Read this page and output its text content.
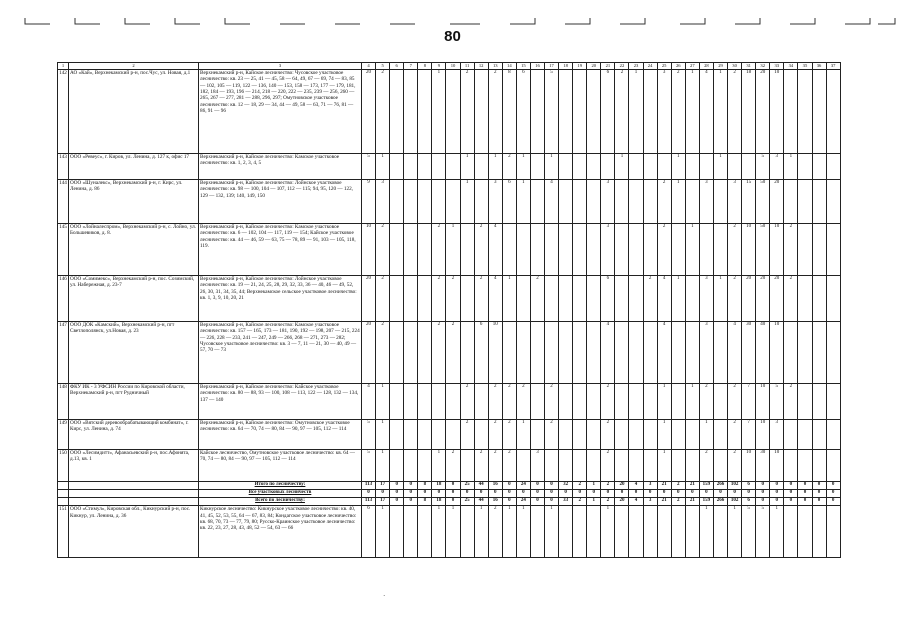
80
1	2	3	4	5	6	7	8	9	10	11	12	13	14	15	16	17	18	19	20	21	22	23	24	25	26	27	28	29	30	31	32	33	34	35	36	37	
142	АО «Кай», Верхнекамский р-н, пос.Чус, ул. Новая, д.1	Верхнекамский р-н, Кайское лесничество: Чусовское участковое лесничество: кв. 23 — 25, 41 — 45, 58 — 64, 49, 67 — 69, 74 — 83, 85 — 102, 105 — 119, 122 — 136, 140 — 153, 158 — 173, 177 — 179, 181, 182, 184 — 193, 196 — 214, 218 — 220, 222 — 235, 239 — 256, 260 — 265, 267 — 277, 281 — 288, 296, 297; Омутновское участковое лесничество: кв. 12 — 18, 29 — 34, 44 — 49, 58 — 63, 71 — 76, 81 — 86, 91 — 96	20	2				1		2		2	8	6		5				6	2	1		3	2	1	4	1	2	18	20	10						
143	ООО «Ревеус», г. Киров, ул. Ленина, д. 127 к, офис 17	Верхнекамский р-н, Кайское лесничество: Камское участковое лесничество: кв. 1, 2, 3, 4, 5	5	1						1		1	2	1		1					1				1			1			5	3	1					
144	ООО «Шуналекс», Верхнекамский р-н, г. Кирс, ул. Ленина, д. 86	Верхнекамский р-н, Кайское лесничество: Лойнское участковое лесничество: кв. 98 — 100, 104 — 107, 112 — 115; 94, 95, 120 — 122, 129 — 132, 139; 140, 149, 150	9	3						1		3	6	1		4				3				2	1		3		3	15	50	20						
145	ООО «Лойналеспром», Верхнекамский р-н, с. Лойно, ул. Большевиков, д. 8.	Верхнекамский р-н, Кайское лесничество: Камское участковое лесничество: кв. 6 — 102, 104 — 117, 119 — 154; Кайское участковое лесничество: кв. 44 — 46, 59 — 63, 75 — 78, 89 — 91, 103 — 105, 118, 119.	10	2				2	1		2	4								3				2		1			2	10	50	10	2					
146	ООО «Сомимекс», Верхнекамский р-н, пос. Созимский, ул. Набережная, д. 23-7	Верхнекамский р-н, Кайское лесничество: Лойнское участковое лесничество: кв. 19 — 21, 24, 25, 28, 29, 32, 33, 36 — 40, 46 — 49, 52, 26, 30, 31, 34, 35, 44; Верхнекамское сельское участковое лесничество: кв. 1, 3, 9, 10, 20, 21	20	2				2	2		2	4	1		2					6			2	4	1		3	1	2	20	20	20	2					
147	ООО ДОК «Камский», Верхнекамский р-н, пгт Светлополянск, ул.Новая, д. 23	Верхнекамский р-н, Кайское лесничество: Камское участковое лесничество: кв. 157 — 165, 173 — 181, 190, 192 — 198, 207 — 215, 224 — 226, 228 — 233, 241 — 247, 249 — 266, 268 — 271, 273 — 282; Чусовское участковое лесничество: кв. 3 — 7, 11 — 21, 30 — 40, 49 — 57, 70 — 73	20	2				2	2		6	10								4				4			3		4	30	40	10						
148	ФКУ ИК - 3 УФСИН России по Кировской области, Верхнекамский р-н, пгт Рудничный	Верхнекамский р-н, Кайское лесничество: Кайское участковое лесничество: кв. 80 — 88, 93 — 100, 108 — 113, 122 — 128, 132 — 134, 137 — 140	4	1						2		2	2	2		2				2				1		1	2		2	7	10	5	2					
149	ООО «Вятский деревообрабатывающий комбинат», г. Кирс, ул. Ленина, д. 74	Верхнекамский р-н, Кайское лесничество: Омутновское участковое лесничество: кв. 64 — 70, 74 — 80, 84 — 90, 97 — 105, 112 — 114	5	1						2		2	2	1		2				2				1			1		2	7	10	3						
150	ООО «Лесимдитт», Афанасьевский р-н, пос.Афонята, д.13, кв. 1	Кайское лесничество, Омутновское участковое лесничество: кв. 64 — 70, 74 — 80, 84 — 90, 97 — 105, 112 — 114	5	1				1	2		2	2	2		3					2				1			2		2	10	30	10						
		Итого по лесничеству:	113	17	0	0	8	18	0	25	44	16	0	24	0	0	32	2	1	2	20	4	3	21	2	21	159	266	102	6	0	0	0	0	0	0		
		Все участковых лесничеств	0	0	0	0	0	0	0	0	0	0	0	0	0	0	0	0	0	0	0	0	0	0	0	0	0	0	0	0	0	0	0	0	0	0		
		Всего по лесничеству:	113	17	0	0	8	18	0	25	44	16	0	24	0	0	33	2	1	2	20	4	3	21	2	21	159	266	102	6	0	0	0	0	0	0		
151	ООО «Стимул», Кировская обл., Кикнурский р-н, пос. Кикнур, ул. Ленина, д. 36	Кикнурское лесничество: Кикнурское участковое лесничество: кв. 40, 41, 45, 52, 53, 55, 64 — 67, 83, 84; Кондагское участковое лесничество: кв. 68, 70, 73 — 77, 79, 80; Русско-Краинское участковое лесничество: кв. 22, 23, 27, 28, 43, 48, 52 — 54, 63 — 66	6	1				1	1		1	2	1	1		1				1							1		1	5	5	1						
·
